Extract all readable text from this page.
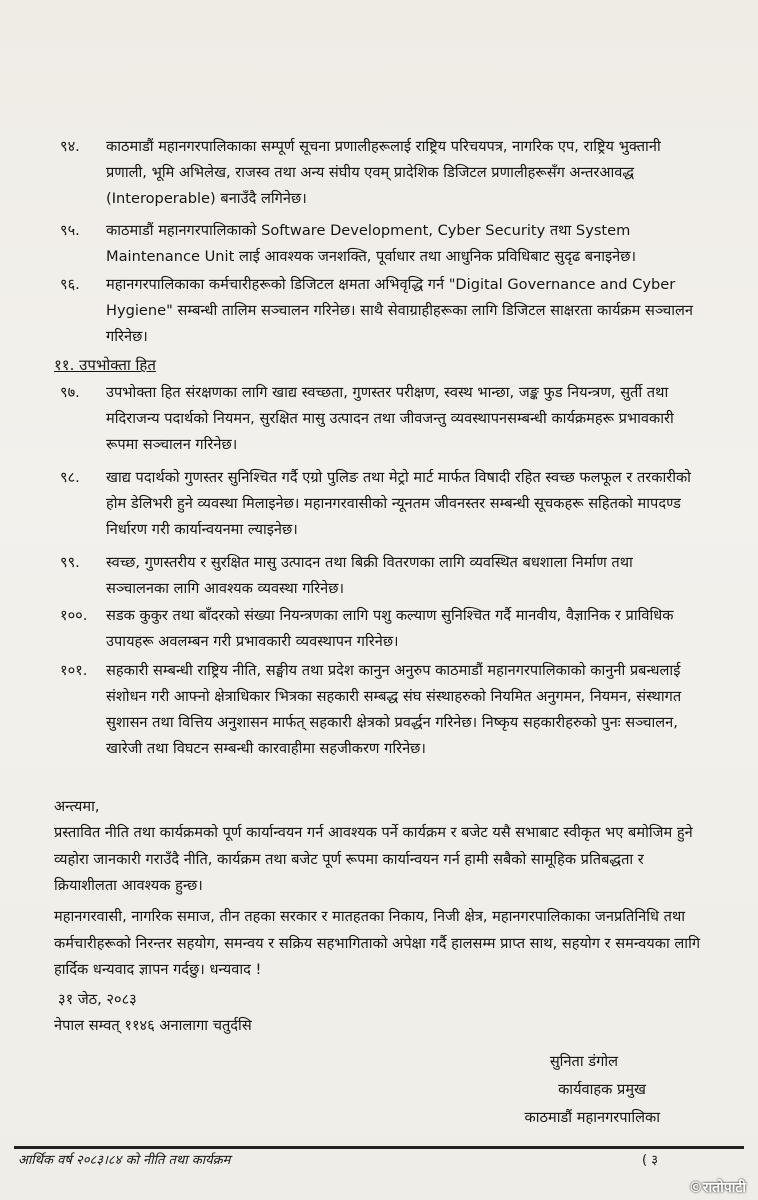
९४. काठमाडौं महानगरपालिकाका सम्पूर्ण सूचना प्रणालीहरूलाई राष्ट्रिय परिचयपत्र, नागरिक एप, राष्ट्रिय भुक्तानी प्रणाली, भूमि अभिलेख, राजस्व तथा अन्य संघीय एवम् प्रादेशिक डिजिटल प्रणालीहरूसँग अन्तरआवद्ध (Interoperable) बनाउँदै लगिनेछ।
९५. काठमाडौं महानगरपालिकाको Software Development, Cyber Security तथा System Maintenance Unit लाई आवश्यक जनशक्ति, पूर्वाधार तथा आधुनिक प्रविधिबाट सुदृढ बनाइनेछ।
९६. महानगरपालिकाका कर्मचारीहरूको डिजिटल क्षमता अभिवृद्धि गर्न "Digital Governance and Cyber Hygiene" सम्बन्धी तालिम सञ्चालन गरिनेछ। साथै सेवाग्राहीहरूका लागि डिजिटल साक्षरता कार्यक्रम सञ्चालन गरिनेछ।
११. उपभोक्ता हित
९७. उपभोक्ता हित संरक्षणका लागि खाद्य स्वच्छता, गुणस्तर परीक्षण, स्वस्थ भान्छा, जङ्क फुड नियन्त्रण, सुर्ती तथा मदिराजन्य पदार्थको नियमन, सुरक्षित मासु उत्पादन तथा जीवजन्तु व्यवस्थापनसम्बन्धी कार्यक्रमहरू प्रभावकारी रूपमा सञ्चालन गरिनेछ।
९८. खाद्य पदार्थको गुणस्तर सुनिश्चित गर्दै एग्रो पुलिङ तथा मेट्रो मार्ट मार्फत विषादी रहित स्वच्छ फलफूल र तरकारीको होम डेलिभरी हुने व्यवस्था मिलाइनेछ। महानगरवासीको न्यूनतम जीवनस्तर सम्बन्धी सूचकहरू सहितको मापदण्ड निर्धारण गरी कार्यान्वयनमा ल्याइनेछ।
९९. स्वच्छ, गुणस्तरीय र सुरक्षित मासु उत्पादन तथा बिक्री वितरणका लागि व्यवस्थित बधशाला निर्माण तथा सञ्चालनका लागि आवश्यक व्यवस्था गरिनेछ।
१००. सडक कुकुर तथा बाँदरको संख्या नियन्त्रणका लागि पशु कल्याण सुनिश्चित गर्दै मानवीय, वैज्ञानिक र प्राविधिक उपायहरू अवलम्बन गरी प्रभावकारी व्यवस्थापन गरिनेछ।
१०१. सहकारी सम्बन्धी राष्ट्रिय नीति, सङ्घीय तथा प्रदेश कानुन अनुरुप काठमाडौं महानगरपालिकाको कानुनी प्रबन्धलाई संशोधन गरी आफ्नो क्षेत्राधिकार भित्रका सहकारी सम्बद्ध संघ संस्थाहरुको नियमित अनुगमन, नियमन, संस्थागत सुशासन तथा वित्तिय अनुशासन मार्फत् सहकारी क्षेत्रको प्रवर्द्धन गरिनेछ। निष्कृय सहकारीहरुको पुनः सञ्चालन, खारेजी तथा विघटन सम्बन्धी कारवाहीमा सहजीकरण गरिनेछ।
अन्त्यमा,
प्रस्तावित नीति तथा कार्यक्रमको पूर्ण कार्यान्वयन गर्न आवश्यक पर्ने कार्यक्रम र बजेट यसै सभाबाट स्वीकृत भए बमोजिम हुने व्यहोरा जानकारी गराउँदै नीति, कार्यक्रम तथा बजेट पूर्ण रूपमा कार्यान्वयन गर्न हामी सबैको सामूहिक प्रतिबद्धता र क्रियाशीलता आवश्यक हुन्छ।
महानगरवासी, नागरिक समाज, तीन तहका सरकार र मातहतका निकाय, निजी क्षेत्र, महानगरपालिकाका जनप्रतिनिधि तथा कर्मचारीहरूको निरन्तर सहयोग, समन्वय र सक्रिय सहभागिताको अपेक्षा गर्दै हालसम्म प्राप्त साथ, सहयोग र समन्वयका लागि हार्दिक धन्यवाद ज्ञापन गर्दछु। धन्यवाद !
३१ जेठ, २०८३
नेपाल सम्वत् ११४६ अनालागा चतुर्दसि
सुनिता डंगोल
कार्यवाहक प्रमुख
काठमाडौं महानगरपालिका
आर्थिक वर्ष २०८३।८४ को नीति तथा कार्यक्रम	( ३
©रातोपाटी
